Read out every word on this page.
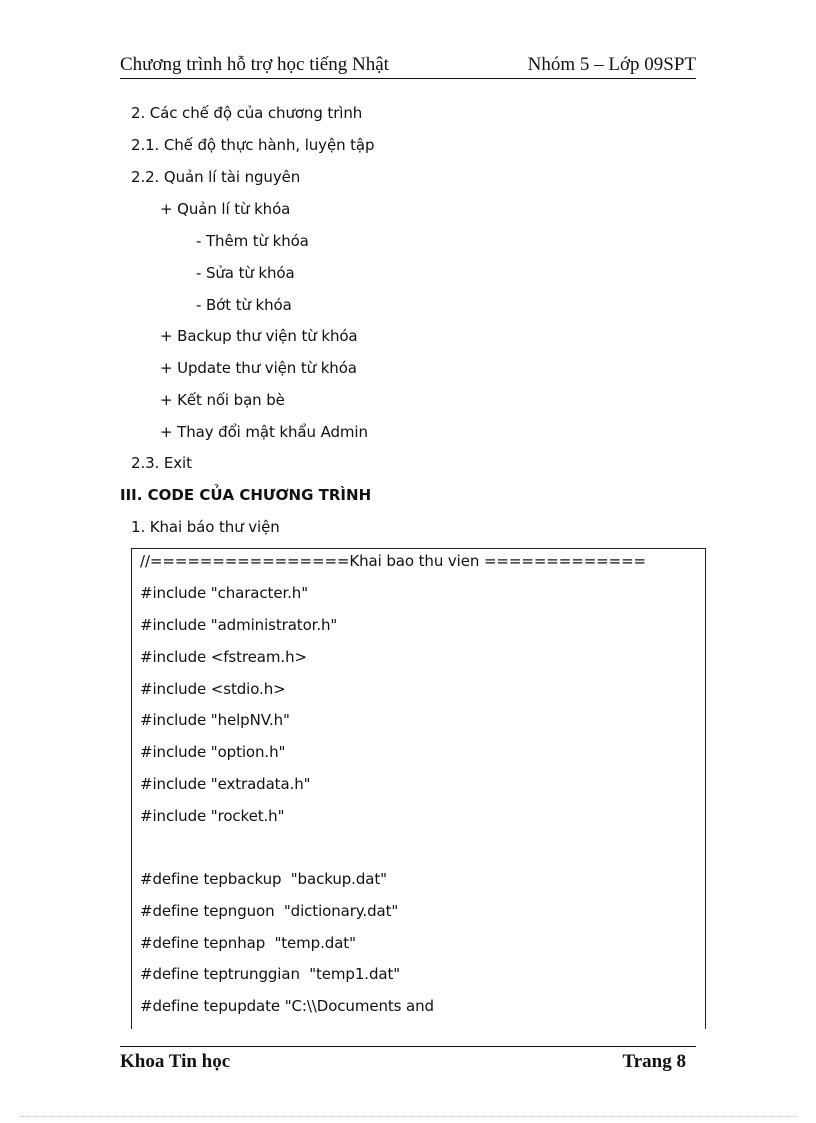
Chương trình hỗ trợ học tiếng Nhật	Nhóm 5 – Lớp 09SPT
2. Các chế độ của chương trình
2.1. Chế độ thực hành, luyện tập
2.2. Quản lí tài nguyên
+ Quản lí từ khóa
- Thêm từ khóa
- Sửa từ khóa
- Bớt từ khóa
+ Backup thư viện từ khóa
+ Update thư viện từ khóa
+ Kết nối bạn bè
+ Thay đổi mật khẩu Admin
2.3. Exit
III. CODE CỦA CHƯƠNG TRÌNH
1. Khai báo thư viện
//================Khai bao thu vien =============
#include "character.h"
#include "administrator.h"
#include <fstream.h>
#include <stdio.h>
#include "helpNV.h"
#include "option.h"
#include "extradata.h"
#include "rocket.h"
#define tepbackup  "backup.dat"
#define tepnguon  "dictionary.dat"
#define tepnhap  "temp.dat"
#define teptrunggian  "temp1.dat"
#define tepupdate "C:\\Documents and
Khoa Tin học	Trang 8
